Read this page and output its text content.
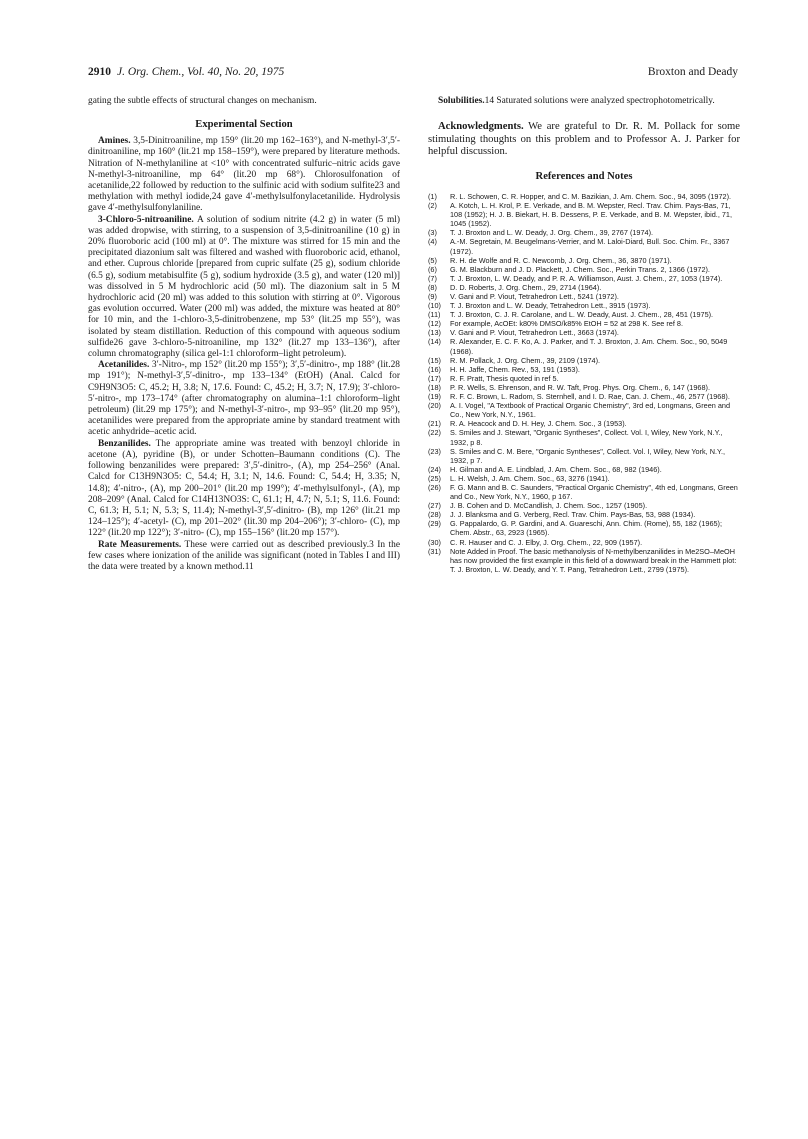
2910 J. Org. Chem., Vol. 40, No. 20, 1975	Broxton and Deady

gating the subtle effects of structural changes on mechanism.

Experimental Section

Amines. 3,5-Dinitroaniline, mp 159° (lit.20 mp 162–163°), and N-methyl-3′,5′-dinitroaniline, mp 160° (lit.21 mp 158–159°), were prepared by literature methods. Nitration of N-methylaniline at <10° with concentrated sulfuric–nitric acids gave N-methyl-3-nitroaniline, mp 64° (lit.20 mp 68°). Chlorosulfonation of acetanilide,22 followed by reduction to the sulfinic acid with sodium sulfite23 and methylation with methyl iodide,24 gave 4′-methylsulfonylacetanilide. Hydrolysis gave 4′-methylsulfonylaniline.

3-Chloro-5-nitroaniline. A solution of sodium nitrite (4.2 g) in water (5 ml) was added dropwise, with stirring, to a suspension of 3,5-dinitroaniline (10 g) in 20% fluoroboric acid (100 ml) at 0°. The mixture was stirred for 15 min and the precipitated diazonium salt was filtered and washed with fluoroboric acid, ethanol, and ether. Cuprous chloride [prepared from cupric sulfate (25 g), sodium chloride (6.5 g), sodium metabisulfite (5 g), sodium hydroxide (3.5 g), and water (120 ml)] was dissolved in 5 M hydrochloric acid (50 ml). The diazonium salt in 5 M hydrochloric acid (20 ml) was added to this solution with stirring at 0°. Vigorous gas evolution occurred. Water (200 ml) was added, the mixture was heated at 80° for 10 min, and the 1-chloro-3,5-dinitrobenzene, mp 53° (lit.25 mp 55°), was isolated by steam distillation. Reduction of this compound with aqueous sodium sulfide26 gave 3-chloro-5-nitroaniline, mp 132° (lit.27 mp 133–136°), after column chromatography (silica gel-1:1 chloroform–light petroleum).

Acetanilides. 3′-Nitro-, mp 152° (lit.20 mp 155°); 3′,5′-dinitro-, mp 188° (lit.28 mp 191°); N-methyl-3′,5′-dinitro-, mp 133–134° (EtOH) (Anal. Calcd for C9H9N3O5: C, 45.2; H, 3.8; N, 17.6. Found: C, 45.2; H, 3.7; N, 17.9); 3′-chloro-5′-nitro-, mp 173–174° (after chromatography on alumina–1:1 chloroform–light petroleum) (lit.29 mp 175°); and N-methyl-3′-nitro-, mp 93–95° (lit.20 mp 95°), acetanilides were prepared from the appropriate amine by standard treatment with acetic anhydride–acetic acid.

Benzanilides. The appropriate amine was treated with benzoyl chloride in acetone (A), pyridine (B), or under Schotten–Baumann conditions (C). The following benzanilides were prepared: 3′,5′-dinitro-, (A), mp 254–256° (Anal. Calcd for C13H9N3O5: C, 54.4; H, 3.1; N, 14.6. Found: C, 54.4; H, 3.35; N, 14.8); 4′-nitro-, (A), mp 200–201° (lit.20 mp 199°); 4′-methylsulfonyl-, (A), mp 208–209° (Anal. Calcd for C14H13NO3S: C, 61.1; H, 4.7; N, 5.1; S, 11.6. Found: C, 61.3; H, 5.1; N, 5.3; S, 11.4); N-methyl-3′,5′-dinitro- (B), mp 126° (lit.21 mp 124–125°); 4′-acetyl- (C), mp 201–202° (lit.30 mp 204–206°); 3′-chloro- (C), mp 122° (lit.20 mp 122°); 3′-nitro- (C), mp 155–156° (lit.20 mp 157°).

Rate Measurements. These were carried out as described previously.3 In the few cases where ionization of the anilide was significant (noted in Tables I and III) the data were treated by a known method.11

Solubilities.14 Saturated solutions were analyzed spectrophotometrically.

Acknowledgments. We are grateful to Dr. R. M. Pollack for some stimulating thoughts on this problem and to Professor A. J. Parker for helpful discussion.

References and Notes
(1) R. L. Schowen, C. R. Hopper, and C. M. Bazikian, J. Am. Chem. Soc., 94, 3095 (1972).
(2) A. Kotch, L. H. Krol, P. E. Verkade, and B. M. Wepster, Recl. Trav. Chim. Pays-Bas, 71, 108 (1952); H. J. B. Biekart, H. B. Dessens, P. E. Verkade, and B. M. Wepster, ibid., 71, 1045 (1952).
(3) T. J. Broxton and L. W. Deady, J. Org. Chem., 39, 2767 (1974).
(4) A.-M. Segretain, M. Beugelmans-Verrier, and M. Laloi-Diard, Bull. Soc. Chim. Fr., 3367 (1972).
(5) R. H. de Wolfe and R. C. Newcomb, J. Org. Chem., 36, 3870 (1971).
(6) G. M. Blackburn and J. D. Plackett, J. Chem. Soc., Perkin Trans. 2, 1366 (1972).
(7) T. J. Broxton, L. W. Deady, and P. R. A. Williamson, Aust. J. Chem., 27, 1053 (1974).
(8) D. D. Roberts, J. Org. Chem., 29, 2714 (1964).
(9) V. Gani and P. Viout, Tetrahedron Lett., 5241 (1972).
(10) T. J. Broxton and L. W. Deady, Tetrahedron Lett., 3915 (1973).
(11) T. J. Broxton, C. J. R. Carolane, and L. W. Deady, Aust. J. Chem., 28, 451 (1975).
(12) For example, AcOEt: k80% DMSO/k85% EtOH = 52 at 298 K. See ref 8.
(13) V. Gani and P. Viout, Tetrahedron Lett., 3663 (1974).
(14) R. Alexander, E. C. F. Ko, A. J. Parker, and T. J. Broxton, J. Am. Chem. Soc., 90, 5049 (1968).
(15) R. M. Pollack, J. Org. Chem., 39, 2109 (1974).
(16) H. H. Jaffe, Chem. Rev., 53, 191 (1953).
(17) R. F. Pratt, Thesis quoted in ref 5.
(18) P. R. Wells, S. Ehrenson, and R. W. Taft, Prog. Phys. Org. Chem., 6, 147 (1968).
(19) R. F. C. Brown, L. Radom, S. Sternhell, and I. D. Rae, Can. J. Chem., 46, 2577 (1968).
(20) A. I. Vogel, "A Textbook of Practical Organic Chemistry", 3rd ed, Longmans, Green and Co., New York, N.Y., 1961.
(21) R. A. Heacock and D. H. Hey, J. Chem. Soc., 3 (1953).
(22) S. Smiles and J. Stewart, "Organic Syntheses", Collect. Vol. I, Wiley, New York, N.Y., 1932, p 8.
(23) S. Smiles and C. M. Bere, "Organic Syntheses", Collect. Vol. I, Wiley, New York, N.Y., 1932, p 7.
(24) H. Gilman and A. E. Lindblad, J. Am. Chem. Soc., 68, 982 (1946).
(25) L. H. Welsh, J. Am. Chem. Soc., 63, 3276 (1941).
(26) F. G. Mann and B. C. Saunders, "Practical Organic Chemistry", 4th ed, Longmans, Green and Co., New York, N.Y., 1960, p 167.
(27) J. B. Cohen and D. McCandlish, J. Chem. Soc., 1257 (1905).
(28) J. J. Blanksma and G. Verberg, Recl. Trav. Chim. Pays-Bas, 53, 988 (1934).
(29) G. Pappalardo, G. P. Gardini, and A. Guareschi, Ann. Chim. (Rome), 55, 182 (1965); Chem. Abstr., 63, 2923 (1965).
(30) C. R. Hauser and C. J. Elby, J. Org. Chem., 22, 909 (1957).
(31) Note Added in Proof. The basic methanolysis of N-methylbenzanilides in Me2SO–MeOH has now provided the first example in this field of a downward break in the Hammett plot: T. J. Broxton, L. W. Deady, and Y. T. Pang, Tetrahedron Lett., 2799 (1975).
